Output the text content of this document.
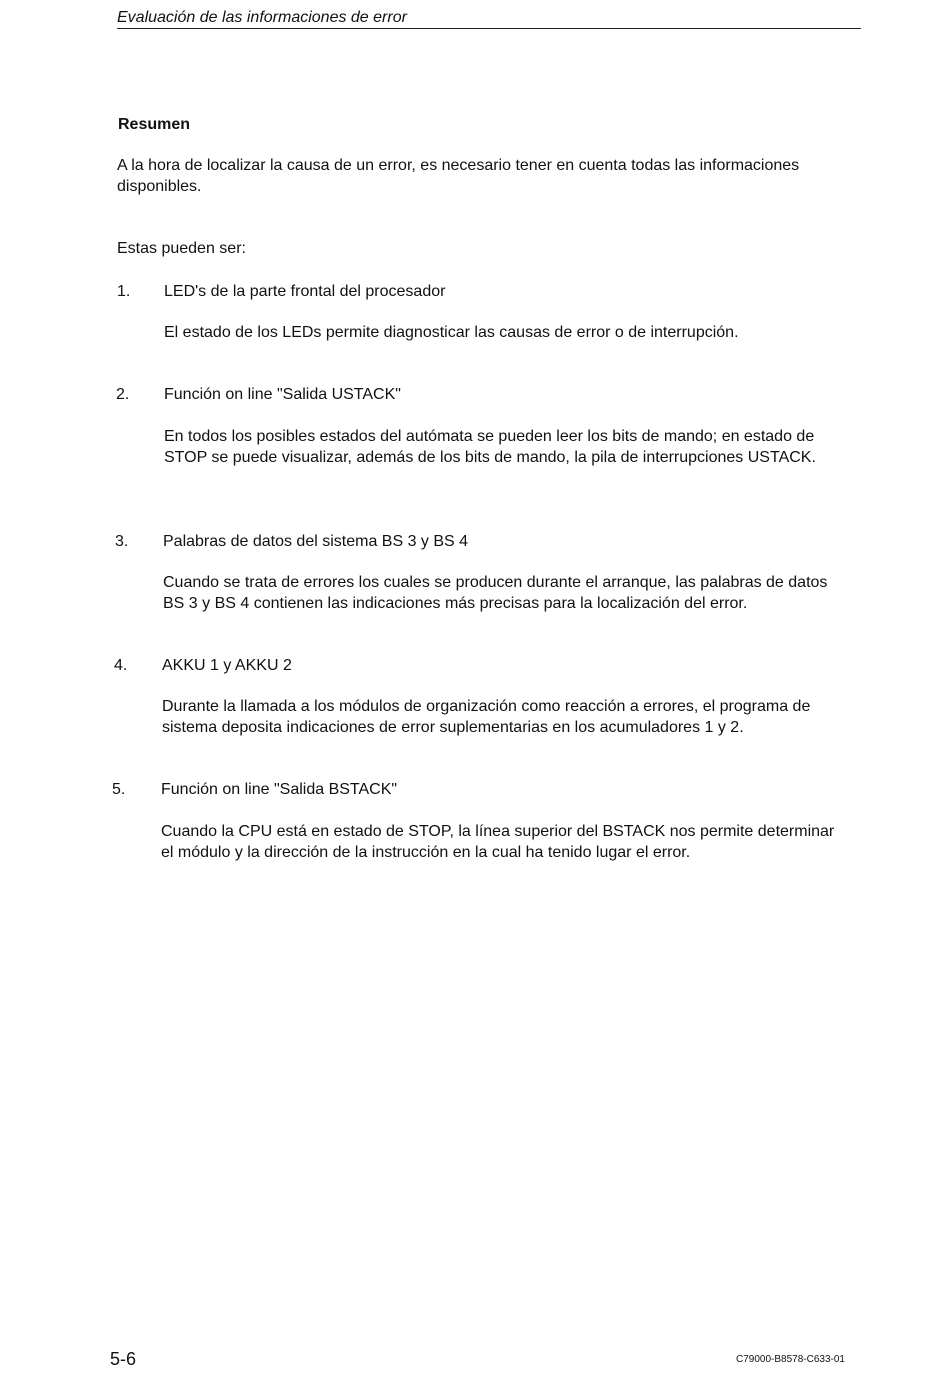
Evaluación de las informaciones de error
Resumen
A la hora de localizar la causa de un error, es necesario tener en cuenta todas las informaciones disponibles.
Estas pueden ser:
1. LED's de la parte frontal del procesador
El estado de los LEDs permite diagnosticar las causas de error o de interrupción.
2. Función on line "Salida USTACK"
En todos los posibles estados del autómata se pueden leer los bits de mando; en estado de STOP se puede visualizar, además de los bits de mando, la pila de interrupciones USTACK.
3. Palabras de datos del sistema BS 3 y BS 4
Cuando se trata de errores los cuales se producen durante el arranque, las palabras de datos BS 3 y BS 4 contienen las indicaciones más precisas para la localización del error.
4. AKKU 1 y AKKU 2
Durante la llamada a los módulos de organización como reacción a errores, el programa de sistema deposita indicaciones de error suplementarias en los acumuladores 1 y 2.
5. Función on line "Salida BSTACK"
Cuando la CPU está en estado de STOP, la línea superior del BSTACK nos permite determinar el módulo y la dirección de la instrucción en la cual ha tenido lugar el error.
5-6	C79000-B8578-C633-01
